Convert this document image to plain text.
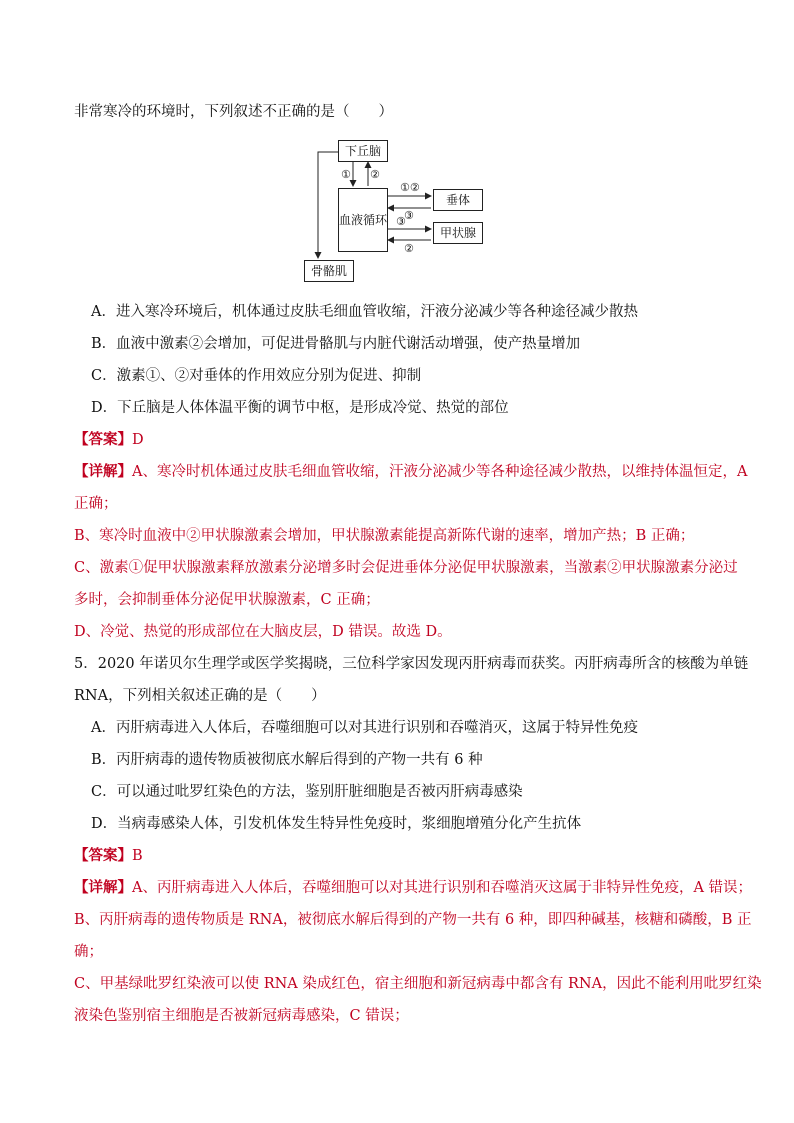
非常寒冷的环境时，下列叙述不正确的是（　　）
下丘脑
血液循环
垂体
甲状腺
骨骼肌
① ②
①②
③
③
②
A．进入寒冷环境后，机体通过皮肤毛细血管收缩，汗液分泌减少等各种途径减少散热
B．血液中激素②会增加，可促进骨骼肌与内脏代谢活动增强，使产热量增加
C．激素①、②对垂体的作用效应分别为促进、抑制
D．下丘脑是人体体温平衡的调节中枢，是形成冷觉、热觉的部位
【答案】D
【详解】A、寒冷时机体通过皮肤毛细血管收缩，汗液分泌减少等各种途径减少散热，以维持体温恒定，A
正确；
B、寒冷时血液中②甲状腺激素会增加，甲状腺激素能提高新陈代谢的速率，增加产热；B 正确；
C、激素①促甲状腺激素释放激素分泌增多时会促进垂体分泌促甲状腺激素，当激素②甲状腺激素分泌过
多时，会抑制垂体分泌促甲状腺激素，C 正确；
D、冷觉、热觉的形成部位在大脑皮层，D 错误。故选 D。
5．2020 年诺贝尔生理学或医学奖揭晓，三位科学家因发现丙肝病毒而获奖。丙肝病毒所含的核酸为单链
RNA，下列相关叙述正确的是（　　）
A．丙肝病毒进入人体后，吞噬细胞可以对其进行识别和吞噬消灭，这属于特异性免疫
B．丙肝病毒的遗传物质被彻底水解后得到的产物一共有 6 种
C．可以通过吡罗红染色的方法，鉴别肝脏细胞是否被丙肝病毒感染
D．当病毒感染人体，引发机体发生特异性免疫时，浆细胞增殖分化产生抗体
【答案】B
【详解】A、丙肝病毒进入人体后，吞噬细胞可以对其进行识别和吞噬消灭这属于非特异性免疫，A 错误；
B、丙肝病毒的遗传物质是 RNA，被彻底水解后得到的产物一共有 6 种，即四种碱基，核糖和磷酸，B 正
确；
C、甲基绿吡罗红染液可以使 RNA 染成红色，宿主细胞和新冠病毒中都含有 RNA，因此不能利用吡罗红染
液染色鉴别宿主细胞是否被新冠病毒感染，C 错误；
